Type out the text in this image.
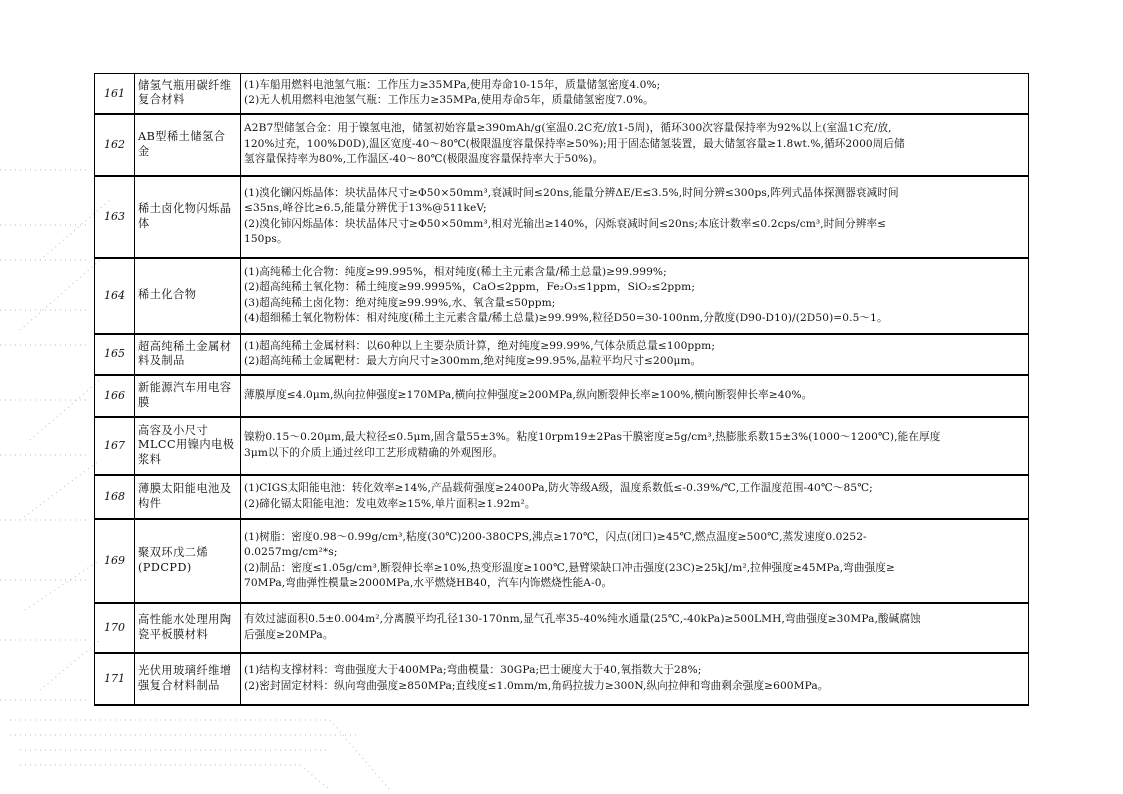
161	储氢气瓶用碳纤维复合材料	(1)车船用燃料电池氢气瓶：工作压力≥35MPa,使用寿命10-15年，质量储氢密度4.0%;
(2)无人机用燃料电池氢气瓶：工作压力≥35MPa,使用寿命5年，质量储氢密度7.0%。

162	AB型稀土储氢合金	A2B7型储氢合金：用于镍氢电池，储氢初始容量≥390mAh/g(室温0.2C充/放1-5周)，循环300次容量保持率为92%以上(室温1C充/放,
120%过充，100%D0D),温区宽度-40～80℃(极限温度容量保持率≥50%);用于固态储氢装置，最大储氢容量≥1.8wt.%,循环2000周后储
氢容量保持率为80%,工作温区-40～80℃(极限温度容量保持率大于50%)。

163	稀土卤化物闪烁晶体	(1)溴化镧闪烁晶体：块状晶体尺寸≥Φ50×50mm³,衰减时间≤20ns,能量分辨ΔE/E≤3.5%,时间分辨≤300ps,阵列式晶体探测器衰减时间
≤35ns,峰谷比≥6.5,能量分辨优于13%@511keV;
(2)溴化铈闪烁晶体：块状晶体尺寸≥Φ50×50mm³,相对光输出≥140%，闪烁衰减时间≤20ns;本底计数率≤0.2cps/cm³,时间分辨率≤
150ps。

164	稀土化合物	(1)高纯稀土化合物：纯度≥99.995%，相对纯度(稀土主元素含量/稀土总量)≥99.999%;
(2)超高纯稀土氧化物：稀土纯度≥99.9995%，CaO≤2ppm，Fe₂O₃≤1ppm，SiO₂≤2ppm;
(3)超高纯稀土卤化物：绝对纯度≥99.99%,水、氧含量≤50ppm;
(4)超细稀土氧化物粉体：相对纯度(稀土主元素含量/稀土总量)≥99.99%,粒径D50=30-100nm,分散度(D90-D10)/(2D50)=0.5～1。

165	超高纯稀土金属材料及制品	(1)超高纯稀土金属材料：以60种以上主要杂质计算，绝对纯度≥99.99%,气体杂质总量≤100ppm;
(2)超高纯稀土金属靶材：最大方向尺寸≥300mm,绝对纯度≥99.95%,晶粒平均尺寸≤200μm。

166	新能源汽车用电容膜	薄膜厚度≤4.0μm,纵向拉伸强度≥170MPa,横向拉伸强度≥200MPa,纵向断裂伸长率≥100%,横向断裂伸长率≥40%。

167	高容及小尺寸MLCC用镍内电极浆料	镍粉0.15～0.20μm,最大粒径≤0.5μm,固含量55±3%。粘度10rpm19±2Pas干膜密度≥5g/cm³,热膨胀系数15±3%(1000～1200℃),能在厚度
3μm以下的介质上通过丝印工艺形成精确的外观图形。

168	薄膜太阳能电池及构件	(1)CIGS太阳能电池：转化效率≥14%,产品载荷强度≥2400Pa,防火等级A级，温度系数低≤-0.39%/℃,工作温度范围-40℃～85℃;
(2)碲化镉太阳能电池：发电效率≥15%,单片面积≥1.92m²。

169	聚双环戊二烯(PDCPD)	(1)树脂：密度0.98～0.99g/cm³,粘度(30℃)200-380CPS,沸点≥170℃，闪点(闭口)≥45℃,燃点温度≥500℃,蒸发速度0.0252-
0.0257mg/cm²*s;
(2)制品：密度≤1.05g/cm³,断裂伸长率≥10%,热变形温度≥100℃,悬臂梁缺口冲击强度(23C)≥25kJ/m²,拉伸强度≥45MPa,弯曲强度≥
70MPa,弯曲弹性模量≥2000MPa,水平燃烧HB40，汽车内饰燃烧性能A-0。

170	高性能水处理用陶瓷平板膜材料	有效过滤面积0.5±0.004m²,分离膜平均孔径130-170nm,显气孔率35-40%纯水通量(25℃,-40kPa)≥500LMH,弯曲强度≥30MPa,酸碱腐蚀
后强度≥20MPa。

171	光伏用玻璃纤维增强复合材料制品	(1)结构支撑材料：弯曲强度大于400MPa;弯曲模量：30GPa;巴士硬度大于40,氧指数大于28%;
(2)密封固定材料：纵向弯曲强度≥850MPa;直线度≤1.0mm/m,角码拉拔力≥300N,纵向拉伸和弯曲剩余强度≥600MPa。
